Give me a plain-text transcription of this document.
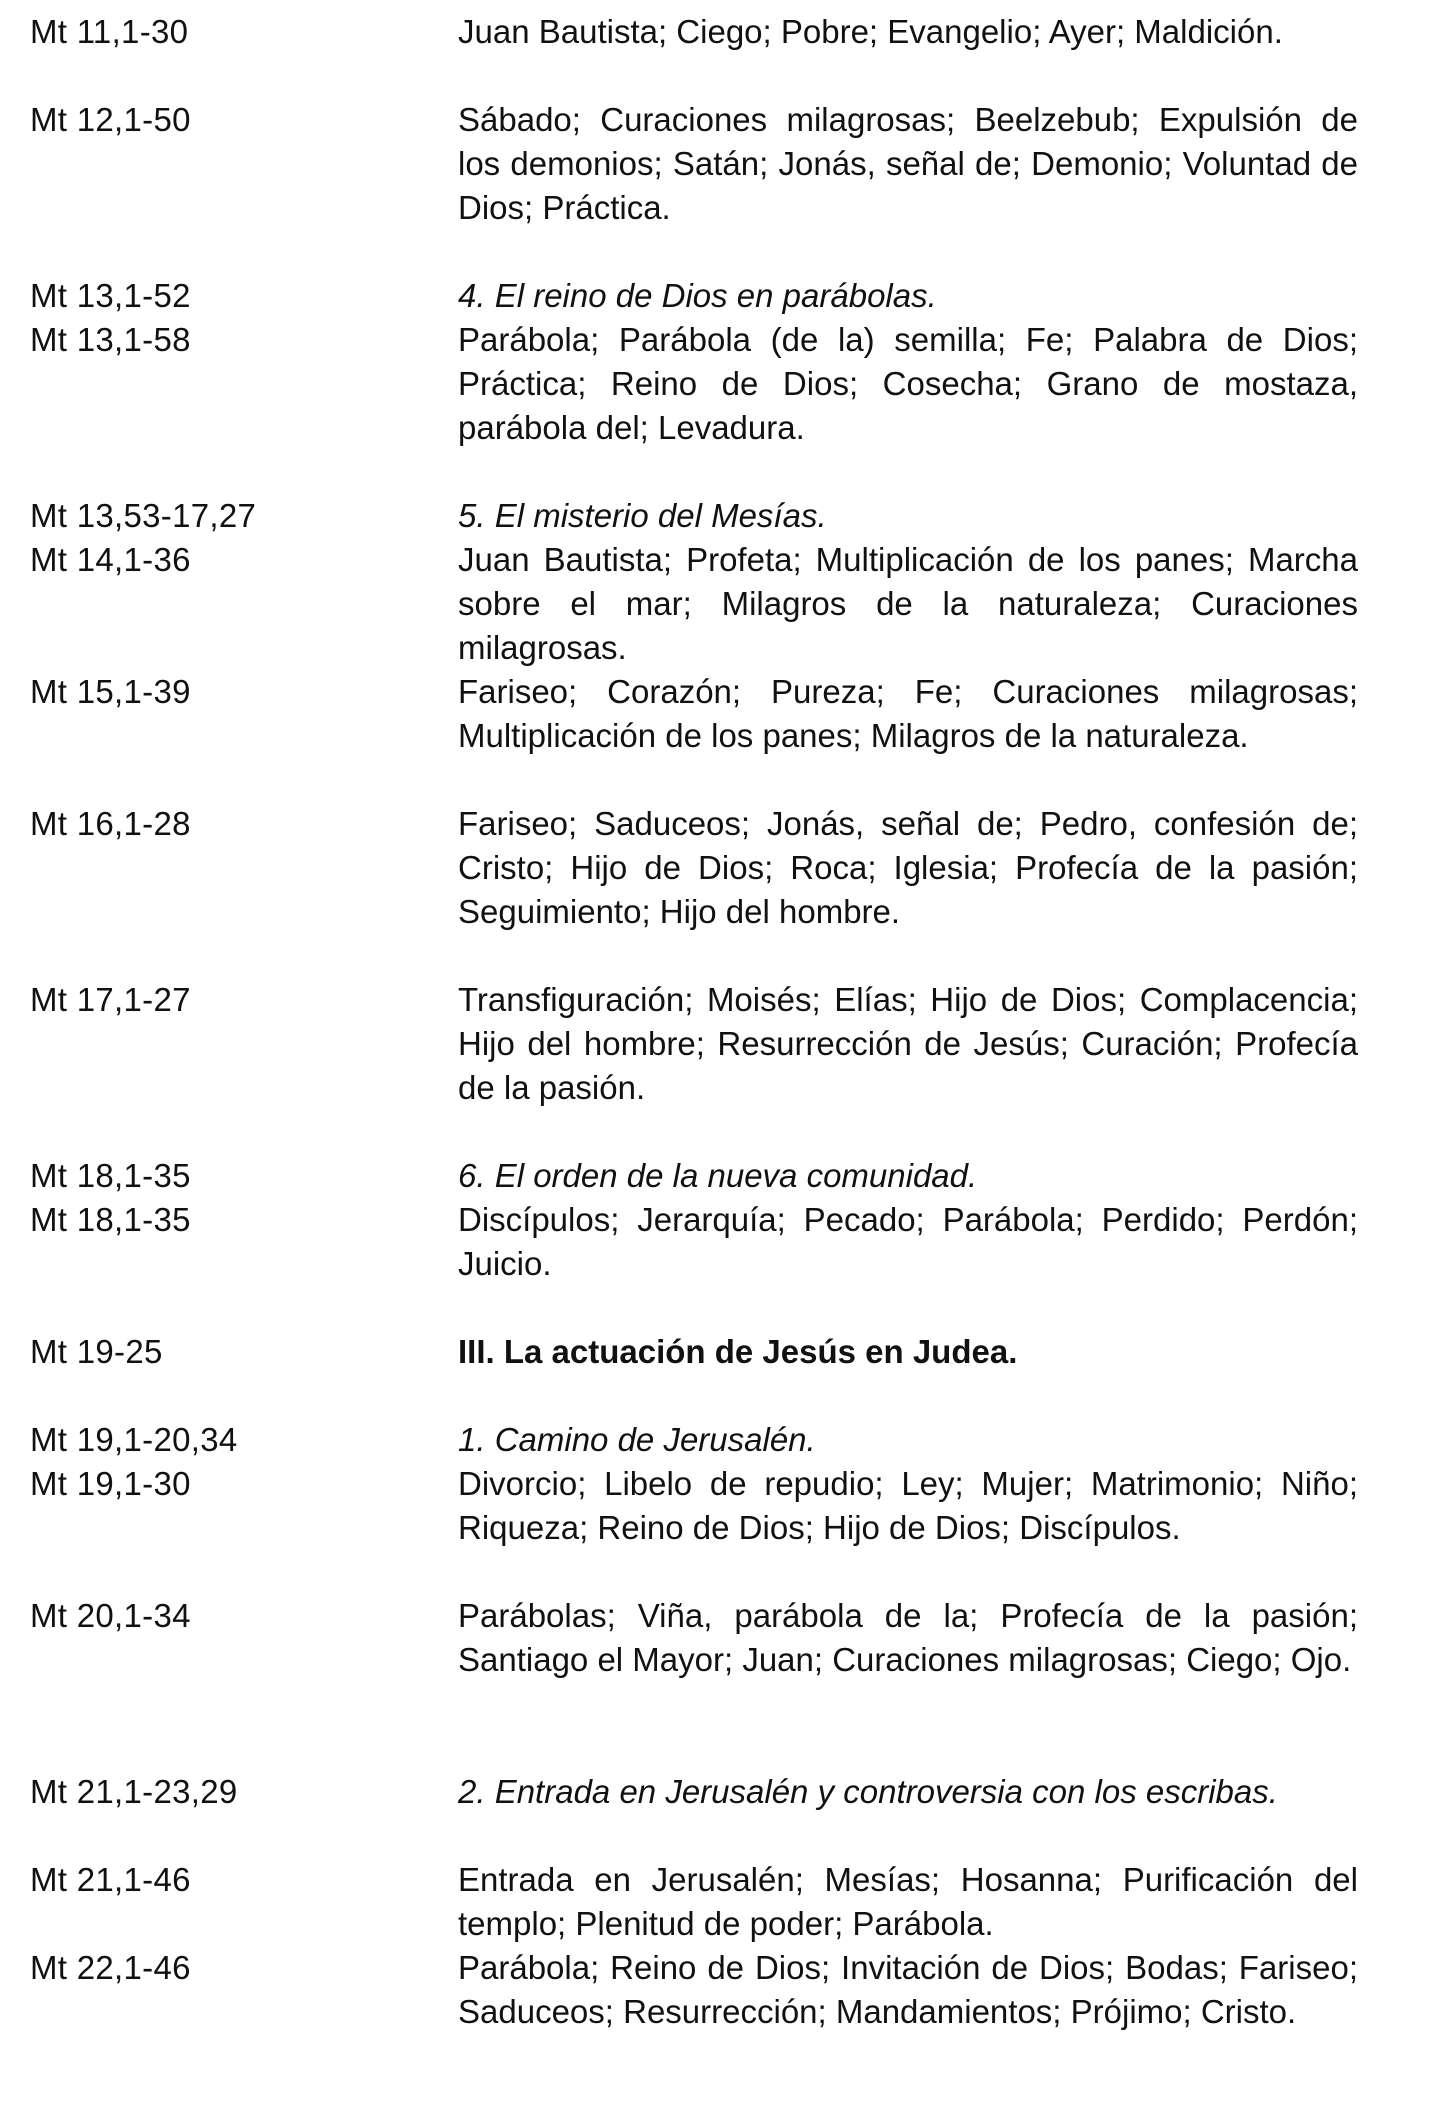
Mt 11,1-30	Juan Bautista; Ciego; Pobre; Evangelio; Ayer; Maldición.
Mt 12,1-50	Sábado; Curaciones milagrosas; Beelzebub; Expulsión de los demonios; Satán; Jonás, señal de; Demonio; Voluntad de Dios; Práctica.
Mt 13,1-52	4. El reino de Dios en parábolas.
Mt 13,1-58	Parábola; Parábola (de la) semilla; Fe; Palabra de Dios; Práctica; Reino de Dios; Cosecha; Grano de mostaza, parábola del; Levadura.
Mt 13,53-17,27	5. El misterio del Mesías.
Mt 14,1-36	Juan Bautista; Profeta; Multiplicación de los panes; Marcha sobre el mar; Milagros de la naturaleza; Curaciones milagrosas.
Mt 15,1-39	Fariseo; Corazón; Pureza; Fe; Curaciones milagrosas; Multiplicación de los panes; Milagros de la naturaleza.
Mt 16,1-28	Fariseo; Saduceos; Jonás, señal de; Pedro, confesión de; Cristo; Hijo de Dios; Roca; Iglesia; Profecía de la pasión; Seguimiento; Hijo del hombre.
Mt 17,1-27	Transfiguración; Moisés; Elías; Hijo de Dios; Complacencia; Hijo del hombre; Resurrección de Jesús; Curación; Profecía de la pasión.
Mt 18,1-35	6. El orden de la nueva comunidad.
Mt 18,1-35	Discípulos; Jerarquía; Pecado; Parábola; Perdido; Perdón; Juicio.
Mt 19-25	III. La actuación de Jesús en Judea.
Mt 19,1-20,34	1. Camino de Jerusalén.
Mt 19,1-30	Divorcio; Libelo de repudio; Ley; Mujer; Matrimonio; Niño; Riqueza; Reino de Dios; Hijo de Dios; Discípulos.
Mt 20,1-34	Parábolas; Viña, parábola de la; Profecía de la pasión; Santiago el Mayor; Juan; Curaciones milagrosas; Ciego; Ojo.
Mt 21,1-23,29	2. Entrada en Jerusalén y controversia con los escribas.
Mt 21,1-46	Entrada en Jerusalén; Mesías; Hosanna; Purificación del templo; Plenitud de poder; Parábola.
Mt 22,1-46	Parábola; Reino de Dios; Invitación de Dios; Bodas; Fariseo; Saduceos; Resurrección; Mandamientos; Prójimo; Cristo.
